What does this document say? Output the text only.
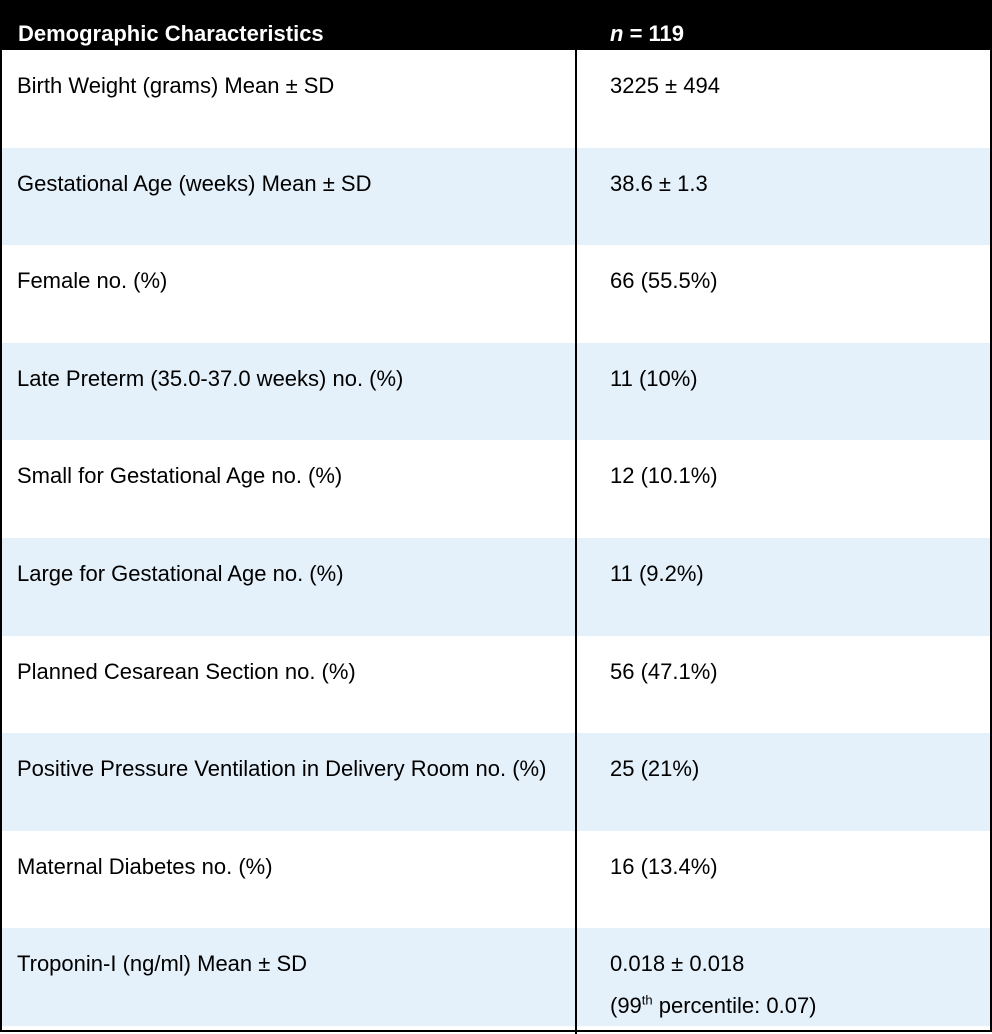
Demographic Characteristics	n = 119
Birth Weight (grams) Mean ± SD	3225 ± 494
Gestational Age (weeks) Mean ± SD	38.6 ± 1.3
Female no. (%)	66 (55.5%)
Late Preterm (35.0-37.0 weeks) no. (%)	11 (10%)
Small for Gestational Age no. (%)	12 (10.1%)
Large for Gestational Age no. (%)	11 (9.2%)
Planned Cesarean Section no. (%)	56 (47.1%)
Positive Pressure Ventilation in Delivery Room no. (%)	25 (21%)
Maternal Diabetes no. (%)	16 (13.4%)
Troponin-I (ng/ml) Mean ± SD	0.018 ± 0.018
(99th percentile: 0.07)
